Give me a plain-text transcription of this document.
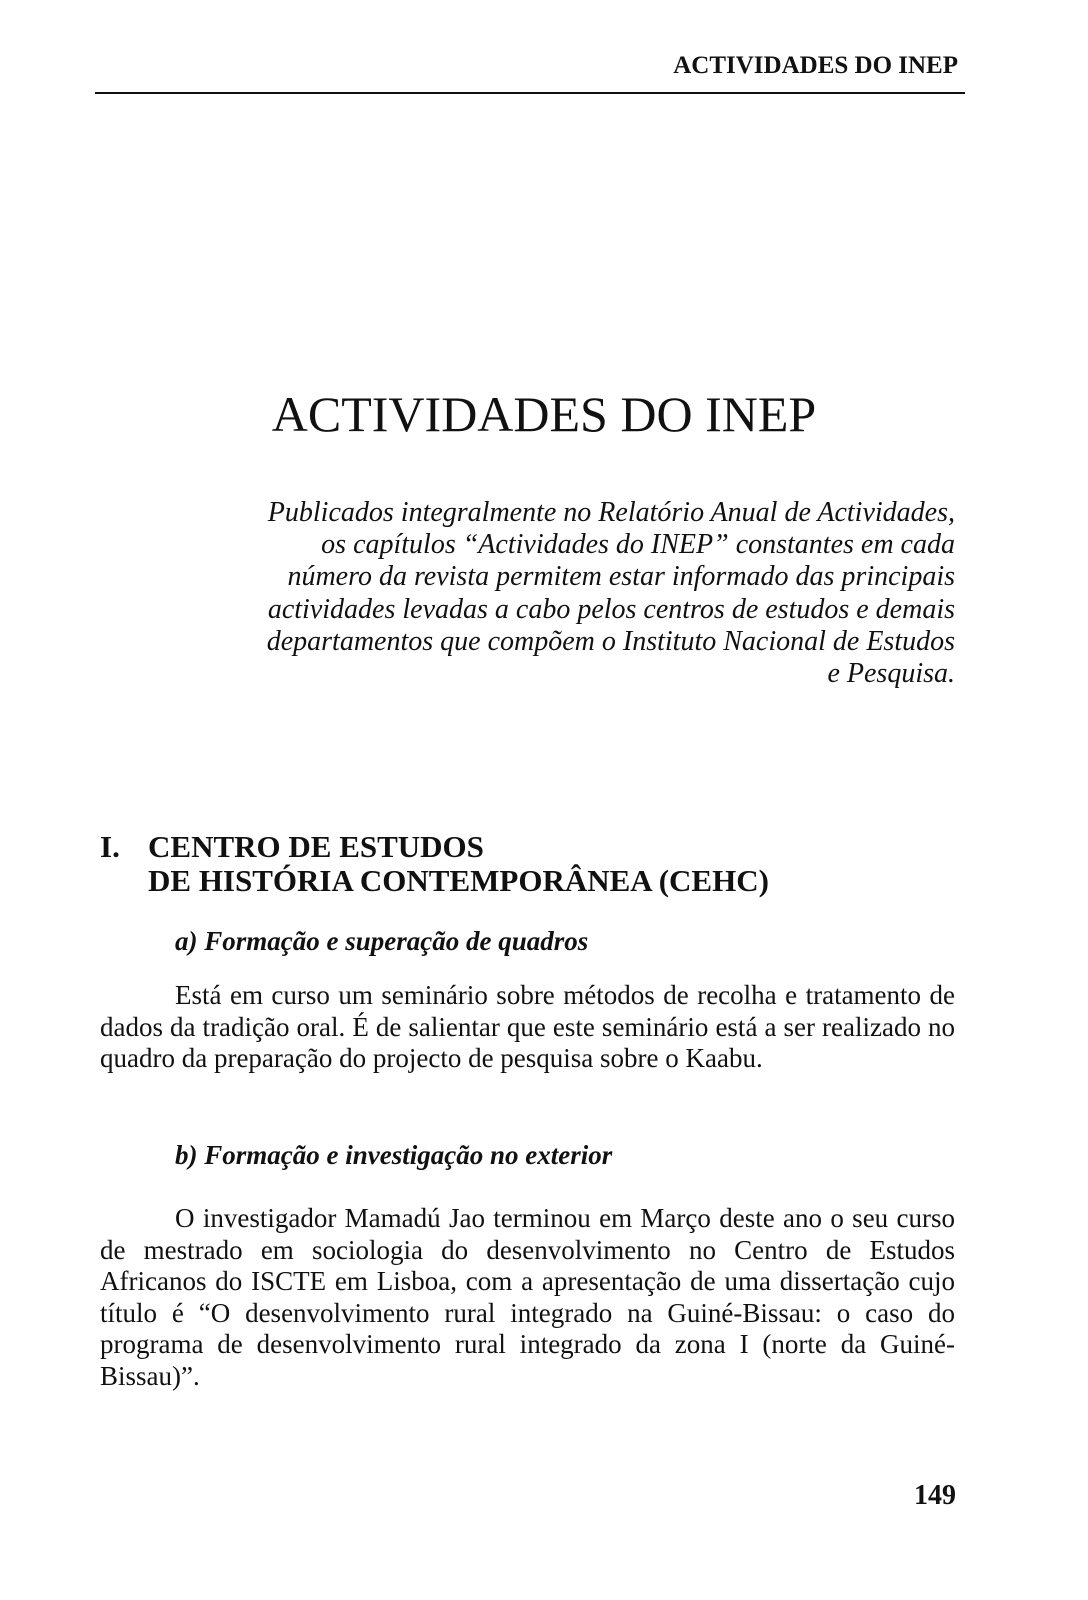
ACTIVIDADES DO INEP
ACTIVIDADES DO INEP

Publicados integralmente no Relatório Anual de Actividades, os capítulos “Actividades do INEP” constantes em cada número da revista permitem estar informado das principais actividades levadas a cabo pelos centros de estudos e demais departamentos que compõem o Instituto Nacional de Estudos e Pesquisa.

I. CENTRO DE ESTUDOS
DE HISTÓRIA CONTEMPORÂNEA (CEHC)
a) Formação e superação de quadros

Está em curso um seminário sobre métodos de recolha e tratamento de dados da tradição oral. É de salientar que este seminário está a ser realizado no quadro da preparação do projecto de pesquisa sobre o Kaabu.

b) Formação e investigação no exterior

O investigador Mamadú Jao terminou em Março deste ano o seu curso de mestrado em sociologia do desenvolvimento no Centro de Estudos Africanos do ISCTE em Lisboa, com a apresentação de uma dissertação cujo título é “O desenvolvimento rural integrado na Guiné-Bissau: o caso do programa de desenvolvimento rural integrado da zona I (norte da Guiné-Bissau)”.

149
